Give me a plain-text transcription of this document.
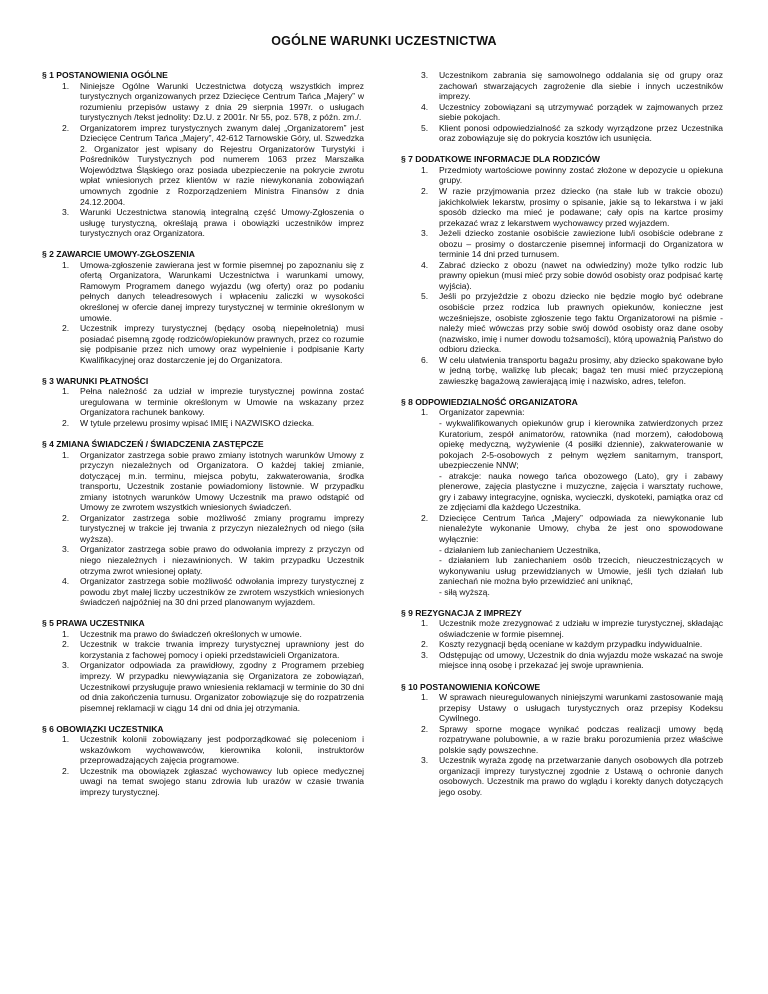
OGÓLNE WARUNKI UCZESTNICTWA
§ 1 POSTANOWIENIA OGÓLNE
1. Niniejsze Ogólne Warunki Uczestnictwa dotyczą wszystkich imprez turystycznych organizowanych przez Dziecięce Centrum Tańca „Majery” w rozumieniu przepisów ustawy z dnia 29 sierpnia 1997r. o usługach turystycznych /tekst jednolity: Dz.U. z 2001r. Nr 55, poz. 578, z późn. zm./.
2. Organizatorem imprez turystycznych zwanym dalej „Organizatorem” jest Dziecięce Centrum Tańca „Majery”, 42-612 Tarnowskie Góry, ul. Szwedzka 2. Organizator jest wpisany do Rejestru Organizatorów Turystyki i Pośredników Turystycznych pod numerem 1063 przez Marszałka Województwa Śląskiego oraz posiada ubezpieczenie na pokrycie zwrotu wpłat wniesionych przez klientów w razie niewykonania zobowiązań umownych zgodnie z Rozporządzeniem Ministra Finansów z dnia 24.12.2004.
3. Warunki Uczestnictwa stanowią integralną część Umowy-Zgłoszenia o usługę turystyczną, określają prawa i obowiązki uczestników imprez turystycznych oraz Organizatora.
§ 2 ZAWARCIE UMOWY-ZGŁOSZENIA
1. Umowa-zgłoszenie zawierana jest w formie pisemnej po zapoznaniu się z ofertą Organizatora, Warunkami Uczestnictwa i warunkami umowy, Ramowym Programem danego wyjazdu (wg oferty) oraz po podaniu pełnych danych teleadresowych i wpłaceniu zaliczki w wysokości określonej w ofercie danej imprezy turystycznej w terminie określonym w umowie.
2. Uczestnik imprezy turystycznej (będący osobą niepełnoletnią) musi posiadać pisemną zgodę rodziców/opiekunów prawnych, przez co rozumie się podpisanie przez nich umowy oraz wypełnienie i podpisanie Karty Kwalifikacyjnej oraz dostarczenie jej do Organizatora.
§ 3 WARUNKI PŁATNOŚCI
1. Pełna należność za udział w imprezie turystycznej powinna zostać uregulowana w terminie określonym w Umowie na wskazany przez Organizatora rachunek bankowy.
2. W tytule przelewu prosimy wpisać IMIĘ i NAZWISKO dziecka.
§ 4 ZMIANA ŚWIADCZEŃ / ŚWIADCZENIA ZASTĘPCZE
1. Organizator zastrzega sobie prawo zmiany istotnych warunków Umowy z przyczyn niezależnych od Organizatora. O każdej takiej zmianie, dotyczącej m.in. terminu, miejsca pobytu, zakwaterowania, środka transportu, Uczestnik zostanie powiadomiony listownie. W przypadku zmiany istotnych warunków Umowy Uczestnik ma prawo odstąpić od Umowy ze zwrotem wszystkich wniesionych świadczeń.
2. Organizator zastrzega sobie możliwość zmiany programu imprezy turystycznej w trakcie jej trwania z przyczyn niezależnych od niego (siła wyższa).
3. Organizator zastrzega sobie prawo do odwołania imprezy z przyczyn od niego niezależnych i niezawinionych. W takim przypadku Uczestnik otrzyma zwrot wniesionej opłaty.
4. Organizator zastrzega sobie możliwość odwołania imprezy turystycznej z powodu zbyt małej liczby uczestników ze zwrotem wszystkich wniesionych świadczeń najpóźniej na 30 dni przed planowanym wyjazdem.
§ 5 PRAWA UCZESTNIKA
1. Uczestnik ma prawo do świadczeń określonych w umowie.
2. Uczestnik w trakcie trwania imprezy turystycznej uprawniony jest do korzystania z fachowej pomocy i opieki przedstawicieli Organizatora.
3. Organizator odpowiada za prawidłowy, zgodny z Programem przebieg imprezy. W przypadku niewywiązania się Organizatora ze zobowiązań, Uczestnikowi przysługuje prawo wniesienia reklamacji w terminie do 30 dni od dnia zakończenia turnusu. Organizator zobowiązuje się do rozpatrzenia pisemnej reklamacji w ciągu 14 dni od dnia jej otrzymania.
§ 6 OBOWIĄZKI UCZESTNIKA
1. Uczestnik kolonii zobowiązany jest podporządkować się poleceniom i wskazówkom wychowawców, kierownika kolonii, instruktorów przeprowadzających zajęcia programowe.
2. Uczestnik ma obowiązek zgłaszać wychowawcy lub opiece medycznej uwagi na temat swojego stanu zdrowia lub urazów w czasie trwania imprezy turystycznej.
3. Uczestnikom zabrania się samowolnego oddalania się od grupy oraz zachowań stwarzających zagrożenie dla siebie i innych uczestników imprezy.
4. Uczestnicy zobowiązani są utrzymywać porządek w zajmowanych przez siebie pokojach.
5. Klient ponosi odpowiedzialność za szkody wyrządzone przez Uczestnika oraz zobowiązuje się do pokrycia kosztów ich usunięcia.
§ 7 DODATKOWE INFORMACJE DLA RODZICÓW
1. Przedmioty wartościowe powinny zostać złożone w depozycie u opiekuna grupy.
2. W razie przyjmowania przez dziecko (na stałe lub w trakcie obozu) jakichkolwiek lekarstw, prosimy o spisanie, jakie są to lekarstwa i w jaki sposób dziecko ma mieć je podawane; cały opis na kartce prosimy przekazać wraz z lekarstwem wychowawcy przed wyjazdem.
3. Jeżeli dziecko zostanie osobiście zawiezione lub/i osobiście odebrane z obozu – prosimy o dostarczenie pisemnej informacji do Organizatora w terminie 14 dni przed turnusem.
4. Zabrać dziecko z obozu (nawet na odwiedziny) może tylko rodzic lub prawny opiekun (musi mieć przy sobie dowód osobisty oraz podpisać kartę wyjścia).
5. Jeśli po przyjeździe z obozu dziecko nie będzie mogło być odebrane osobiście przez rodzica lub prawnych opiekunów, konieczne jest wcześniejsze, osobiste zgłoszenie tego faktu Organizatorowi na piśmie - należy mieć wówczas przy sobie swój dowód osobisty oraz dane osoby (nazwisko, imię i numer dowodu tożsamości), którą upoważnią Państwo do odbioru dziecka.
6. W celu ułatwienia transportu bagażu prosimy, aby dziecko spakowane było w jedną torbę, walizkę lub plecak; bagaż ten musi mieć przyczepioną zawieszkę bagażową zawierającą imię i nazwisko, adres, telefon.
§ 8 ODPOWIEDZIALNOŚĆ ORGANIZATORA
1. Organizator zapewnia:
- wykwalifikowanych opiekunów grup i kierownika zatwierdzonych przez Kuratorium, zespół animatorów, ratownika (nad morzem), całodobową opiekę medyczną, wyżywienie (4 posiłki dziennie), zakwaterowanie w pokojach 2-5-osobowych z pełnym węzłem sanitarnym, transport, ubezpieczenie NNW;
- atrakcje: nauka nowego tańca obozowego (Lato), gry i zabawy plenerowe, zajęcia plastyczne i muzyczne, zajęcia i warsztaty ruchowe, gry i zabawy integracyjne, ogniska, wycieczki, dyskoteki, pamiątka oraz cd ze zdjęciami dla każdego Uczestnika.
2. Dziecięce Centrum Tańca „Majery” odpowiada za niewykonanie lub nienależyte wykonanie Umowy, chyba że jest ono spowodowane wyłącznie:
- działaniem lub zaniechaniem Uczestnika,
- działaniem lub zaniechaniem osób trzecich, nieuczestniczących w wykonywaniu usług przewidzianych w Umowie, jeśli tych działań lub zaniechań nie można było przewidzieć ani uniknąć,
- siłą wyższą.
§ 9 REZYGNACJA Z IMPREZY
1. Uczestnik może zrezygnować z udziału w imprezie turystycznej, składając oświadczenie w formie pisemnej.
2. Koszty rezygnacji będą oceniane w każdym przypadku indywidualnie.
3. Odstępując od umowy, Uczestnik do dnia wyjazdu może wskazać na swoje miejsce inną osobę i przekazać jej swoje uprawnienia.
§ 10 POSTANOWIENIA KOŃCOWE
1. W sprawach nieuregulowanych niniejszymi warunkami zastosowanie mają przepisy Ustawy o usługach turystycznych oraz przepisy Kodeksu Cywilnego.
2. Sprawy sporne mogące wynikać podczas realizacji umowy będą rozpatrywane polubownie, a w razie braku porozumienia przez właściwe polskie sądy powszechne.
3. Uczestnik wyraża zgodę na przetwarzanie danych osobowych dla potrzeb organizacji imprezy turystycznej zgodnie z Ustawą o ochronie danych osobowych. Uczestnik ma prawo do wglądu i korekty danych dotyczących jego osoby.
